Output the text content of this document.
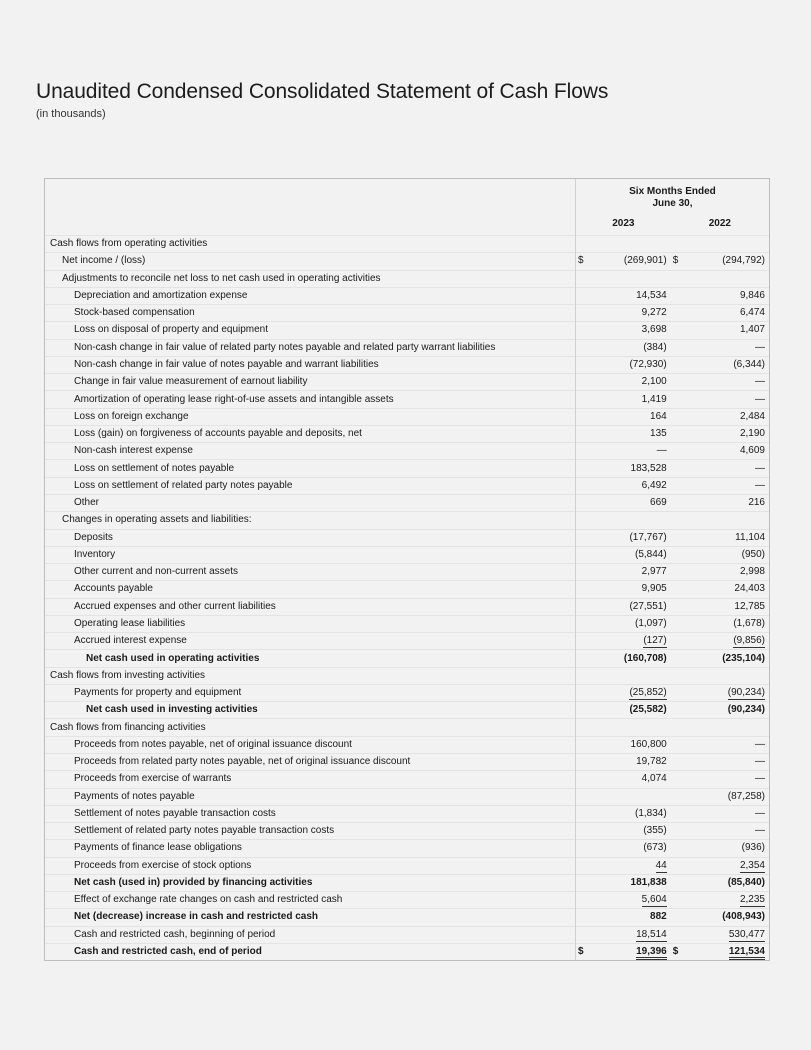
Unaudited Condensed Consolidated Statement of Cash Flows
(in thousands)
	Six Months Ended June 30,			
	2023		2022	
Cash flows from operating activities				
Net income / (loss)	$	(269,901)	$	(294,792)
Adjustments to reconcile net loss to net cash used in operating activities				
Depreciation and amortization expense		14,534		9,846
Stock-based compensation		9,272		6,474
Loss on disposal of property and equipment		3,698		1,407
Non-cash change in fair value of related party notes payable and related party warrant liabilities		(384)		—
Non-cash change in fair value of notes payable and warrant liabilities		(72,930)		(6,344)
Change in fair value measurement of earnout liability		2,100		—
Amortization of operating lease right-of-use assets and intangible assets		1,419		—
Loss on foreign exchange		164		2,484
Loss (gain) on forgiveness of accounts payable and deposits, net		135		2,190
Non-cash interest expense		—		4,609
Loss on settlement of notes payable		183,528		—
Loss on settlement of related party notes payable		6,492		—
Other		669		216
Changes in operating assets and liabilities:				
Deposits		(17,767)		11,104
Inventory		(5,844)		(950)
Other current and non-current assets		2,977		2,998
Accounts payable		9,905		24,403
Accrued expenses and other current liabilities		(27,551)		12,785
Operating lease liabilities		(1,097)		(1,678)
Accrued interest expense		(127)		(9,856)
Net cash used in operating activities		(160,708)		(235,104)
Cash flows from investing activities				
Payments for property and equipment		(25,852)		(90,234)
Net cash used in investing activities		(25,582)		(90,234)
Cash flows from financing activities				
Proceeds from notes payable, net of original issuance discount		160,800		—
Proceeds from related party notes payable, net of original issuance discount		19,782		—
Proceeds from exercise of warrants		4,074		—
Payments of notes payable				(87,258)
Settlement of notes payable transaction costs		(1,834)		—
Settlement of related party notes payable transaction costs		(355)		—
Payments of finance lease obligations		(673)		(936)
Proceeds from exercise of stock options		44		2,354
Net cash (used in) provided by financing activities		181,838		(85,840)
Effect of exchange rate changes on cash and restricted cash		5,604		2,235
Net (decrease) increase in cash and restricted cash		882		(408,943)
Cash and restricted cash, beginning of period		18,514		530,477
Cash and restricted cash, end of period	$	19,396	$	121,534
